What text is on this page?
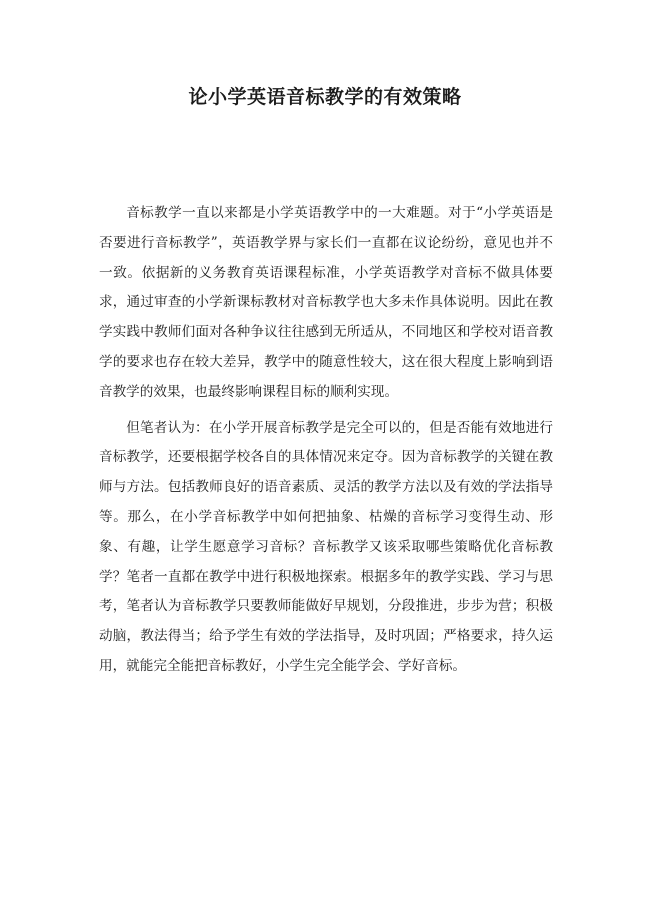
论小学英语音标教学的有效策略

音标教学一直以来都是小学英语教学中的一大难题。对于“小学英语是否要进行音标教学”，英语教学界与家长们一直都在议论纷纷，意见也并不一致。依据新的义务教育英语课程标准，小学英语教学对音标不做具体要求，通过审查的小学新课标教材对音标教学也大多未作具体说明。因此在教学实践中教师们面对各种争议往往感到无所适从，不同地区和学校对语音教学的要求也存在较大差异，教学中的随意性较大，这在很大程度上影响到语音教学的效果，也最终影响课程目标的顺利实现。

但笔者认为：在小学开展音标教学是完全可以的，但是否能有效地进行音标教学，还要根据学校各自的具体情况来定夺。因为音标教学的关键在教师与方法。包括教师良好的语音素质、灵活的教学方法以及有效的学法指导等。那么，在小学音标教学中如何把抽象、枯燥的音标学习变得生动、形象、有趣，让学生愿意学习音标？音标教学又该采取哪些策略优化音标教学？笔者一直都在教学中进行积极地探索。根据多年的教学实践、学习与思考，笔者认为音标教学只要教师能做好早规划，分段推进，步步为营；积极动脑，教法得当；给予学生有效的学法指导，及时巩固；严格要求，持久运用，就能完全能把音标教好，小学生完全能学会、学好音标。
